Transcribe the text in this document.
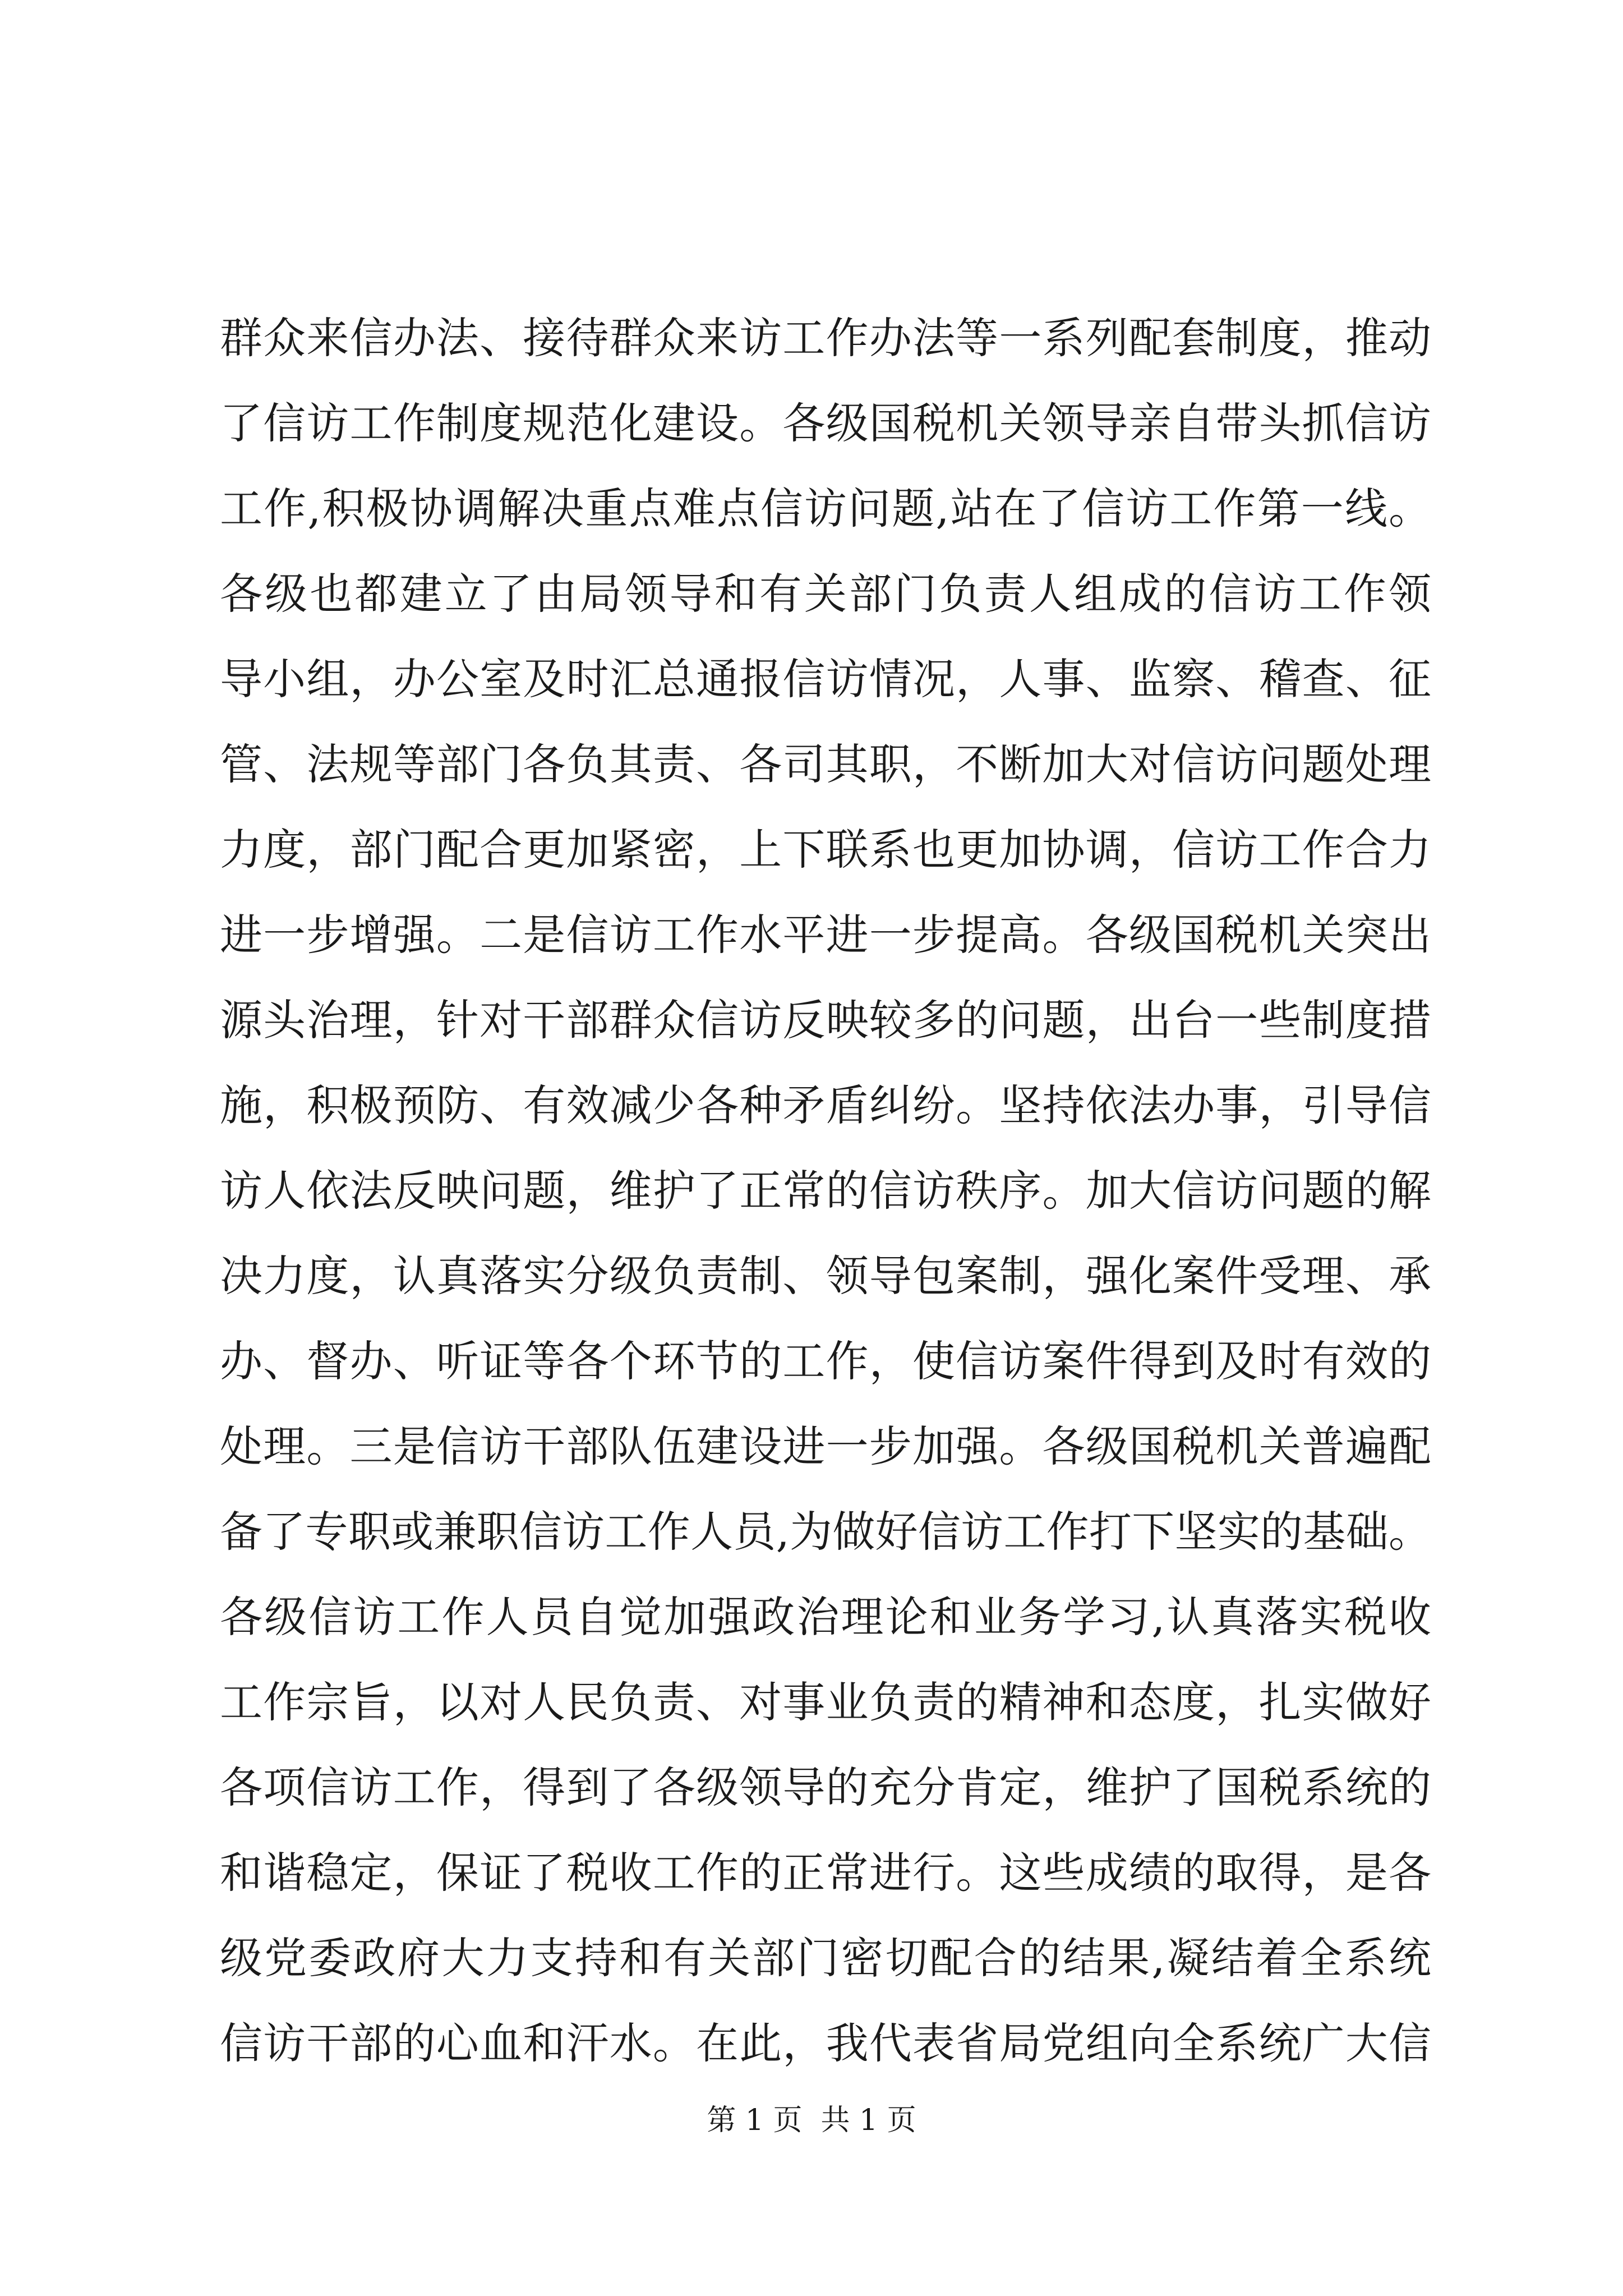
群众来信办法、接待群众来访工作办法等一系列配套制度，推动
了信访工作制度规范化建设。各级国税机关领导亲自带头抓信访
工作,积极协调解决重点难点信访问题,站在了信访工作第一线。
各级也都建立了由局领导和有关部门负责人组成的信访工作领
导小组，办公室及时汇总通报信访情况，人事、监察、稽查、征
管、法规等部门各负其责、各司其职，不断加大对信访问题处理
力度，部门配合更加紧密，上下联系也更加协调，信访工作合力
进一步增强。二是信访工作水平进一步提高。各级国税机关突出
源头治理，针对干部群众信访反映较多的问题，出台一些制度措
施，积极预防、有效减少各种矛盾纠纷。坚持依法办事，引导信
访人依法反映问题，维护了正常的信访秩序。加大信访问题的解
决力度，认真落实分级负责制、领导包案制，强化案件受理、承
办、督办、听证等各个环节的工作，使信访案件得到及时有效的
处理。三是信访干部队伍建设进一步加强。各级国税机关普遍配
备了专职或兼职信访工作人员,为做好信访工作打下坚实的基础。
各级信访工作人员自觉加强政治理论和业务学习,认真落实税收
工作宗旨，以对人民负责、对事业负责的精神和态度，扎实做好
各项信访工作，得到了各级领导的充分肯定，维护了国税系统的
和谐稳定，保证了税收工作的正常进行。这些成绩的取得，是各
级党委政府大力支持和有关部门密切配合的结果,凝结着全系统
信访干部的心血和汗水。在此，我代表省局党组向全系统广大信
第 1 页  共 1 页
